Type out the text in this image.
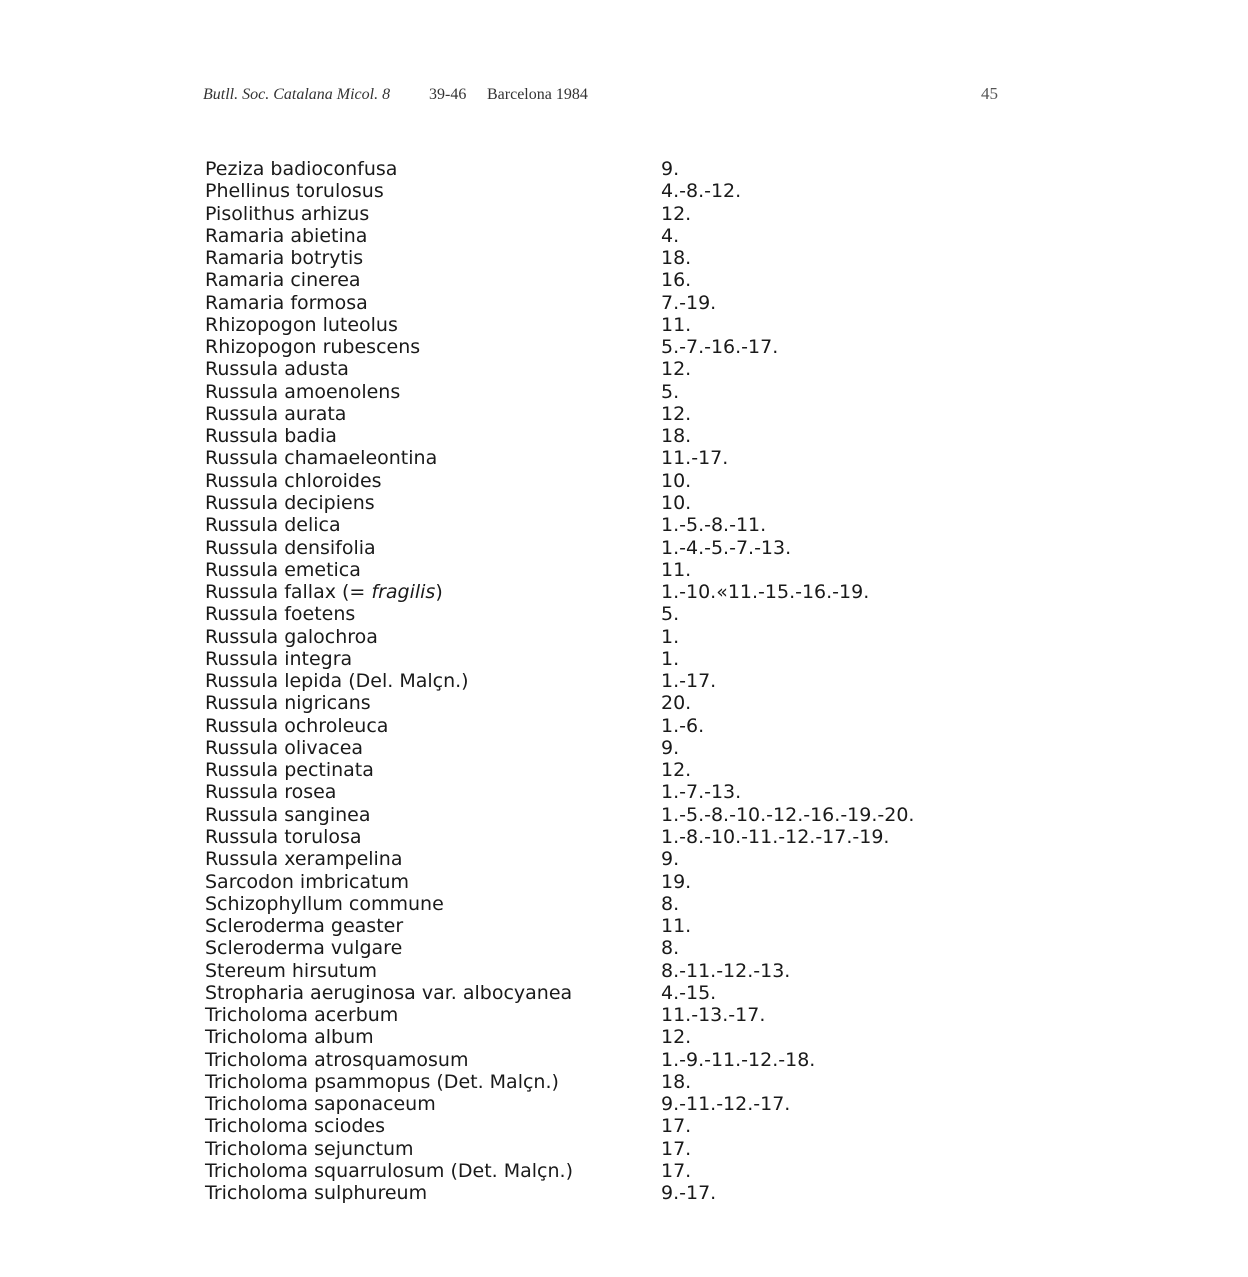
Butll. Soc. Catalana Micol. 8 39-46 Barcelona 1984	45
Peziza badioconfusa	9.
Phellinus torulosus	4.-8.-12.
Pisolithus arhizus	12.
Ramaria abietina	4.
Ramaria botrytis	18.
Ramaria cinerea	16.
Ramaria formosa	7.-19.
Rhizopogon luteolus	11.
Rhizopogon rubescens	5.-7.-16.-17.
Russula adusta	12.
Russula amoenolens	5.
Russula aurata	12.
Russula badia	18.
Russula chamaeleontina	11.-17.
Russula chloroides	10.
Russula decipiens	10.
Russula delica	1.-5.-8.-11.
Russula densifolia	1.-4.-5.-7.-13.
Russula emetica	11.
Russula fallax (= fragilis)	1.-10.«11.-15.-16.-19.
Russula foetens	5.
Russula galochroa	1.
Russula integra	1.
Russula lepida (Del. Malçn.)	1.-17.
Russula nigricans	20.
Russula ochroleuca	1.-6.
Russula olivacea	9.
Russula pectinata	12.
Russula rosea	1.-7.-13.
Russula sanginea	1.-5.-8.-10.-12.-16.-19.-20.
Russula torulosa	1.-8.-10.-11.-12.-17.-19.
Russula xerampelina	9.
Sarcodon imbricatum	19.
Schizophyllum commune	8.
Scleroderma geaster	11.
Scleroderma vulgare	8.
Stereum hirsutum	8.-11.-12.-13.
Stropharia aeruginosa var. albocyanea	4.-15.
Tricholoma acerbum	11.-13.-17.
Tricholoma album	12.
Tricholoma atrosquamosum	1.-9.-11.-12.-18.
Tricholoma psammopus (Det. Malçn.)	18.
Tricholoma saponaceum	9.-11.-12.-17.
Tricholoma sciodes	17.
Tricholoma sejunctum	17.
Tricholoma squarrulosum (Det. Malçn.)	17.
Tricholoma sulphureum	9.-17.
